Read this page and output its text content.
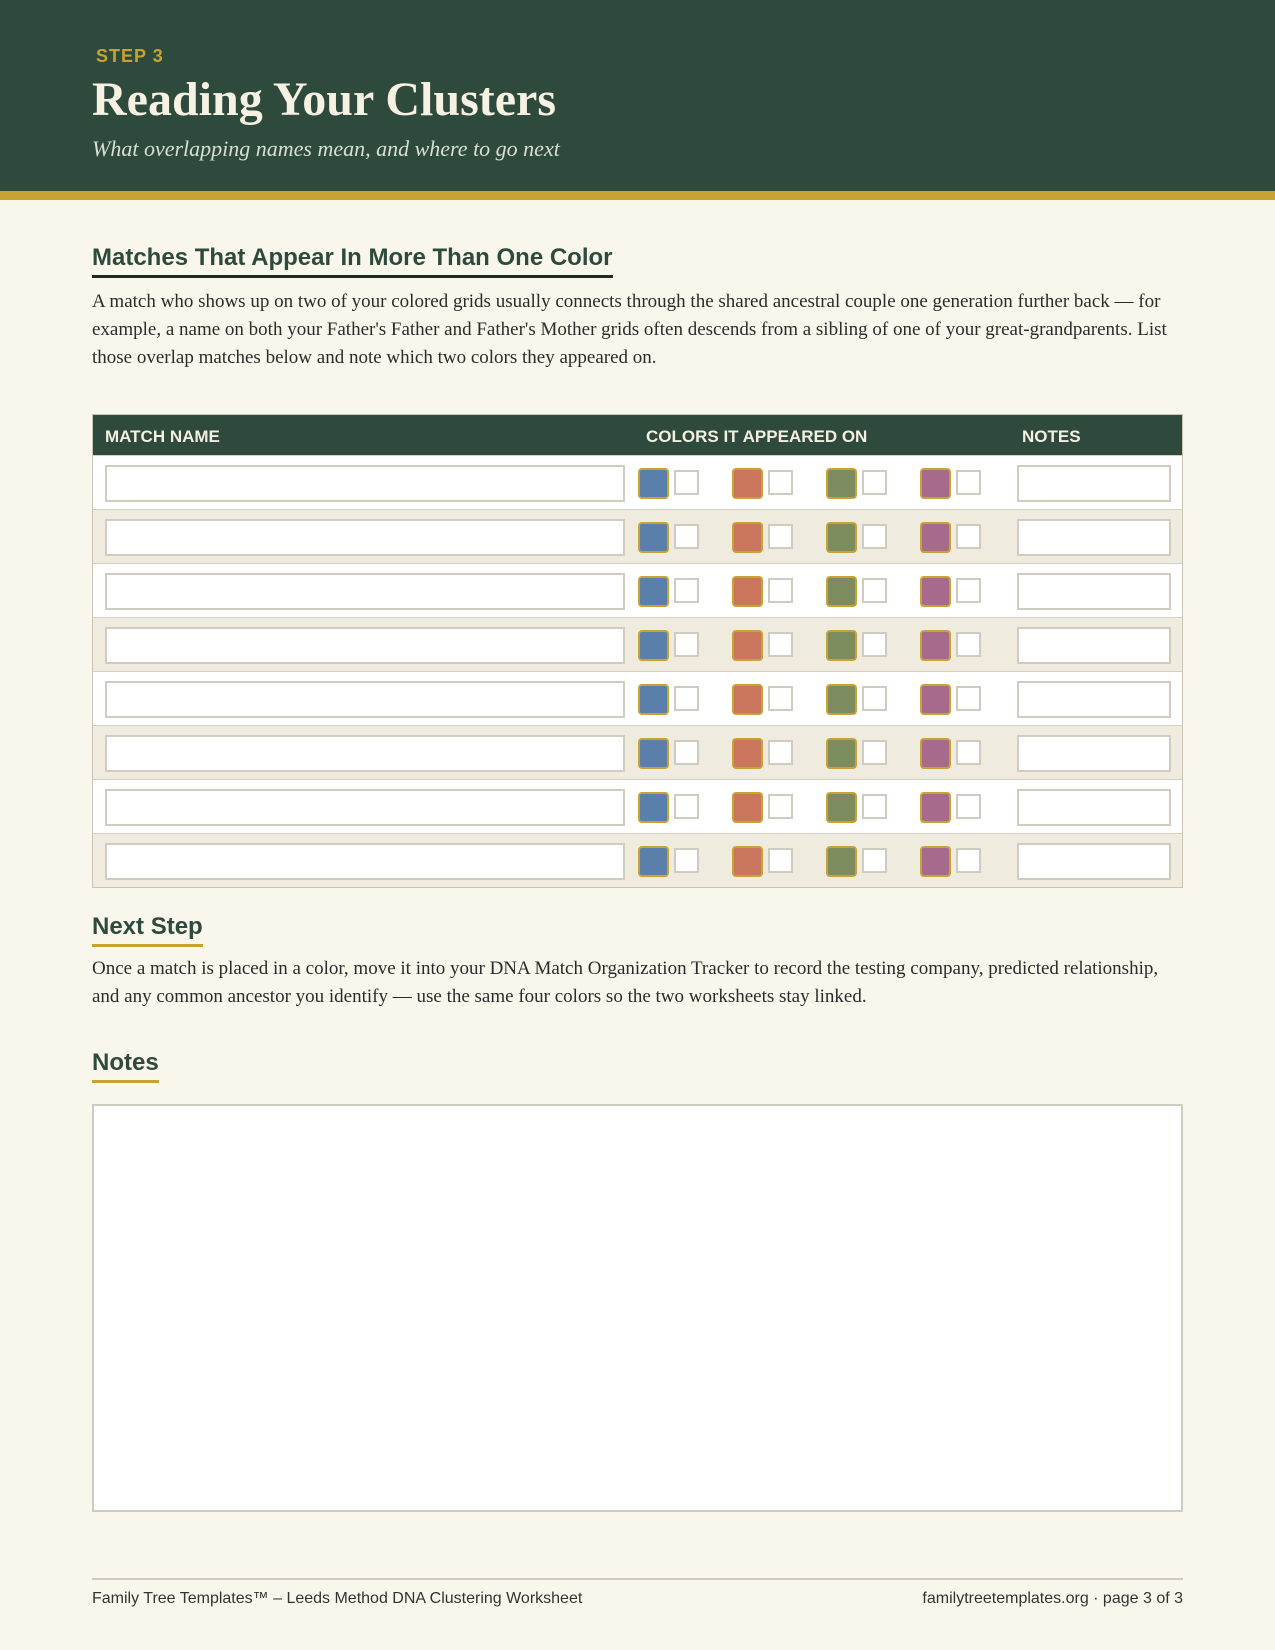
STEP 3
Reading Your Clusters
What overlapping names mean, and where to go next
Matches That Appear In More Than One Color
A match who shows up on two of your colored grids usually connects through the shared ancestral couple one generation further back — for example, a name on both your Father's Father and Father's Mother grids often descends from a sibling of one of your great-grandparents. List those overlap matches below and note which two colors they appeared on.
MATCH NAME	COLORS IT APPEARED ON	NOTES
Next Step
Once a match is placed in a color, move it into your DNA Match Organization Tracker to record the testing company, predicted relationship, and any common ancestor you identify — use the same four colors so the two worksheets stay linked.
Notes
Family Tree Templates™ – Leeds Method DNA Clustering Worksheet	familytreetemplates.org · page 3 of 3
